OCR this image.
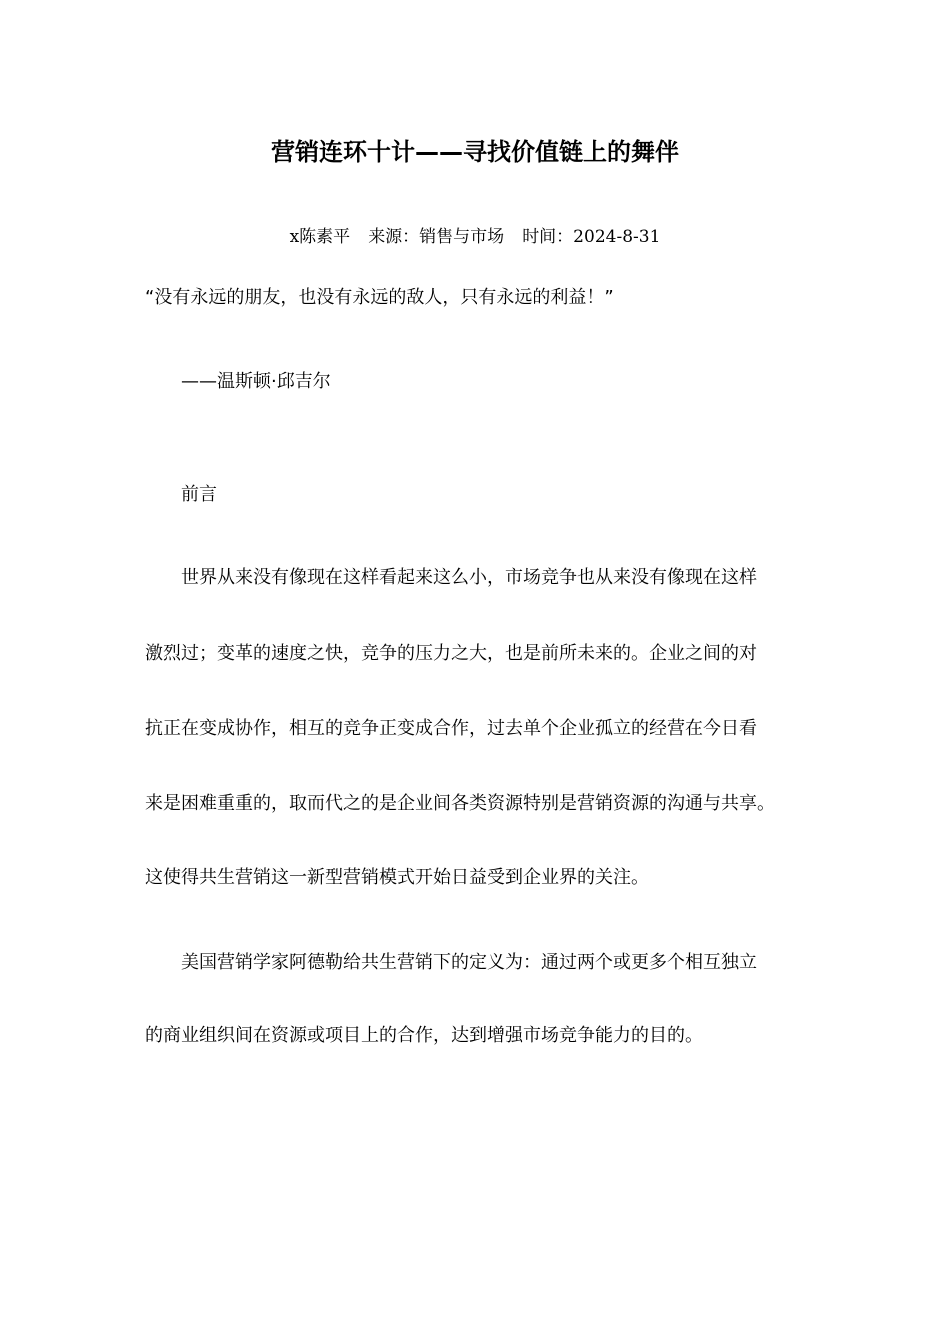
营销连环十计——寻找价值链上的舞伴
x陈素平 来源：销售与市场 时间：2024-8-31

“没有永远的朋友，也没有永远的敌人，只有永远的利益！”

——温斯顿·邱吉尔

前言

世界从来没有像现在这样看起来这么小，市场竞争也从来没有像现在这样

激烈过；变革的速度之快，竞争的压力之大，也是前所未来的。企业之间的对

抗正在变成协作，相互的竞争正变成合作，过去单个企业孤立的经营在今日看

来是困难重重的，取而代之的是企业间各类资源特别是营销资源的沟通与共享。

这使得共生营销这一新型营销模式开始日益受到企业界的关注。

美国营销学家阿德勒给共生营销下的定义为：通过两个或更多个相互独立

的商业组织间在资源或项目上的合作，达到增强市场竞争能力的目的。
